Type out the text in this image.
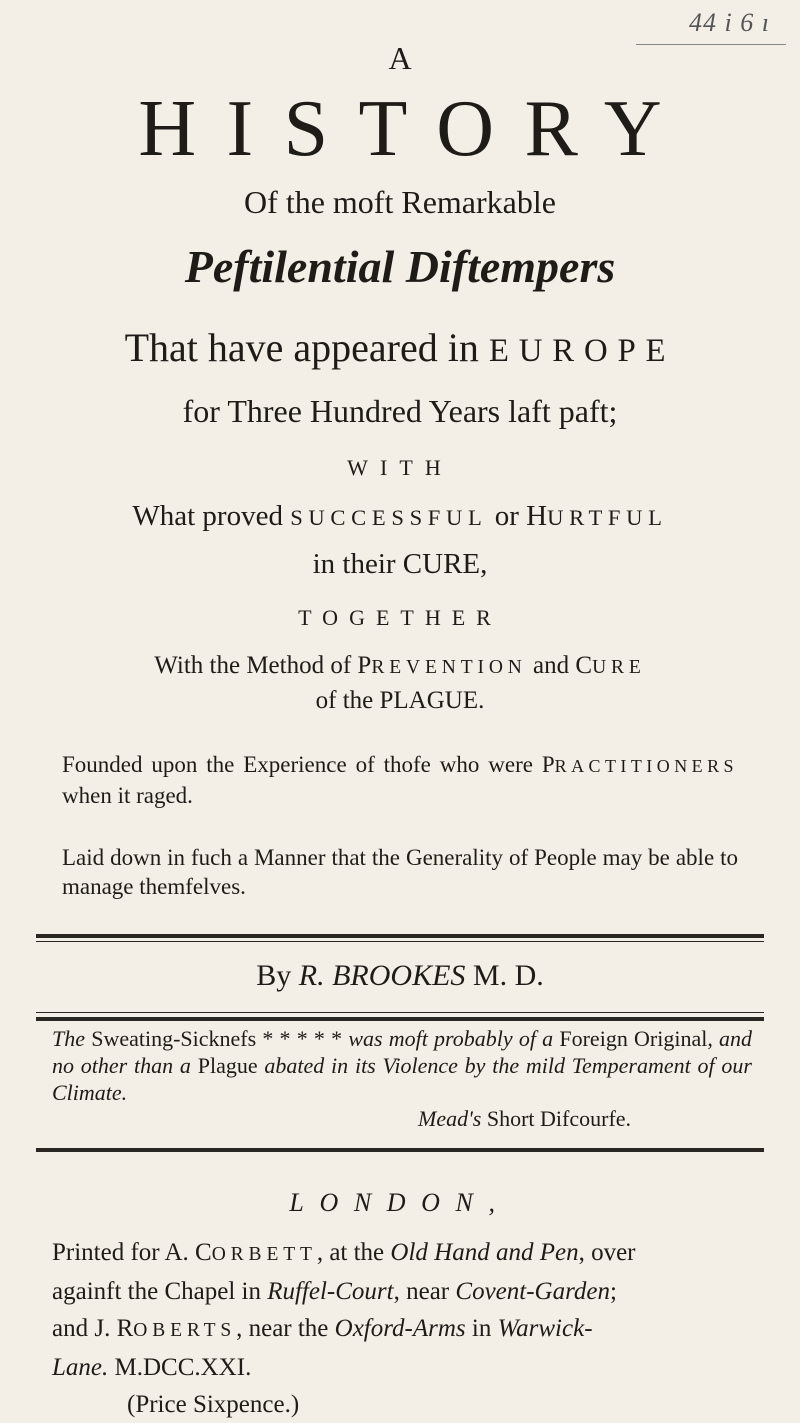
44 i 6 ı
A
HISTORY
Of the moft Remarkable
Peftilential Diftempers
That have appeared in EUROPE
for Three Hundred Years laft paft;
WITH
What proved SUCCESSFUL or HURTFUL
in their CURE,
TOGETHER
With the Method of PREVENTION and CURE
of the PLAGUE.
Founded upon the Experience of thofe who were PRACTITIONERS when it raged.
Laid down in fuch a Manner that the Generality of People may be able to manage themfelves.
By R. BROOKES M. D.
The Sweating-Sicknefs * * * * * was moft probably of a Foreign Original, and no other than a Plague abated in its Violence by the mild Temperament of our Climate.
Mead's Short Difcourfe.
LONDON,
Printed for A. CORBETT, at the Old Hand and Pen, over
againft the Chapel in Ruffel-Court, near Covent-Garden;
and J. ROBERTS, near the Oxford-Arms in Warwick-
Lane. M.DCC.XXI.
(Price Sixpence.)
